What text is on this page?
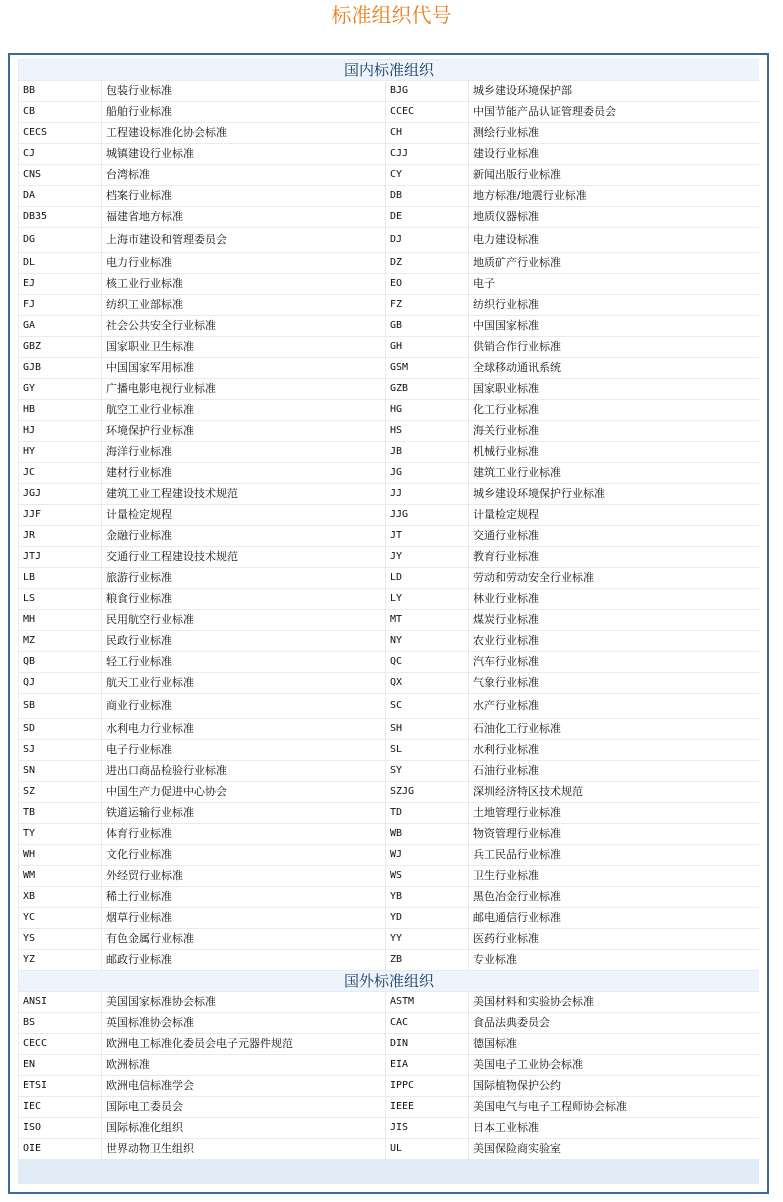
标准组织代号
国内标准组织			
BB	包装行业标准	BJG	城乡建设环境保护部
CB	船舶行业标准	CCEC	中国节能产品认证管理委员会
CECS	工程建设标准化协会标准	CH	测绘行业标准
CJ	城镇建设行业标准	CJJ	建设行业标准
CNS	台湾标准	CY	新闻出版行业标准
DA	档案行业标准	DB	地方标准/地震行业标准
DB35	福建省地方标准	DE	地质仪器标准
DG	上海市建设和管理委员会	DJ	电力建设标准
DL	电力行业标准	DZ	地质矿产行业标准
EJ	核工业行业标准	EO	电子
FJ	纺织工业部标准	FZ	纺织行业标准
GA	社会公共安全行业标准	GB	中国国家标准
GBZ	国家职业卫生标准	GH	供销合作行业标准
GJB	中国国家军用标准	GSM	全球移动通讯系统
GY	广播电影电视行业标准	GZB	国家职业标准
HB	航空工业行业标准	HG	化工行业标准
HJ	环境保护行业标准	HS	海关行业标准
HY	海洋行业标准	JB	机械行业标准
JC	建材行业标准	JG	建筑工业行业标准
JGJ	建筑工业工程建设技术规范	JJ	城乡建设环境保护行业标准
JJF	计量检定规程	JJG	计量检定规程
JR	金融行业标准	JT	交通行业标准
JTJ	交通行业工程建设技术规范	JY	教育行业标准
LB	旅游行业标准	LD	劳动和劳动安全行业标准
LS	粮食行业标准	LY	林业行业标准
MH	民用航空行业标准	MT	煤炭行业标准
MZ	民政行业标准	NY	农业行业标准
QB	轻工行业标准	QC	汽车行业标准
QJ	航天工业行业标准	QX	气象行业标准
SB	商业行业标准	SC	水产行业标准
SD	水利电力行业标准	SH	石油化工行业标准
SJ	电子行业标准	SL	水利行业标准
SN	进出口商品检验行业标准	SY	石油行业标准
SZ	中国生产力促进中心协会	SZJG	深圳经济特区技术规范
TB	铁道运输行业标准	TD	土地管理行业标准
TY	体育行业标准	WB	物资管理行业标准
WH	文化行业标准	WJ	兵工民品行业标准
WM	外经贸行业标准	WS	卫生行业标准
XB	稀土行业标准	YB	黑色冶金行业标准
YC	烟草行业标准	YD	邮电通信行业标准
YS	有色金属行业标准	YY	医药行业标准
YZ	邮政行业标准	ZB	专业标准
国外标准组织			
ANSI	美国国家标准协会标准	ASTM	美国材料和实验协会标准
BS	英国标准协会标准	CAC	食品法典委员会
CECC	欧洲电工标准化委员会电子元器件规范	DIN	德国标准
EN	欧洲标准	EIA	美国电子工业协会标准
ETSI	欧洲电信标准学会	IPPC	国际植物保护公约
IEC	国际电工委员会	IEEE	美国电气与电子工程师协会标准
ISO	国际标准化组织	JIS	日本工业标准
OIE	世界动物卫生组织	UL	美国保险商实验室
